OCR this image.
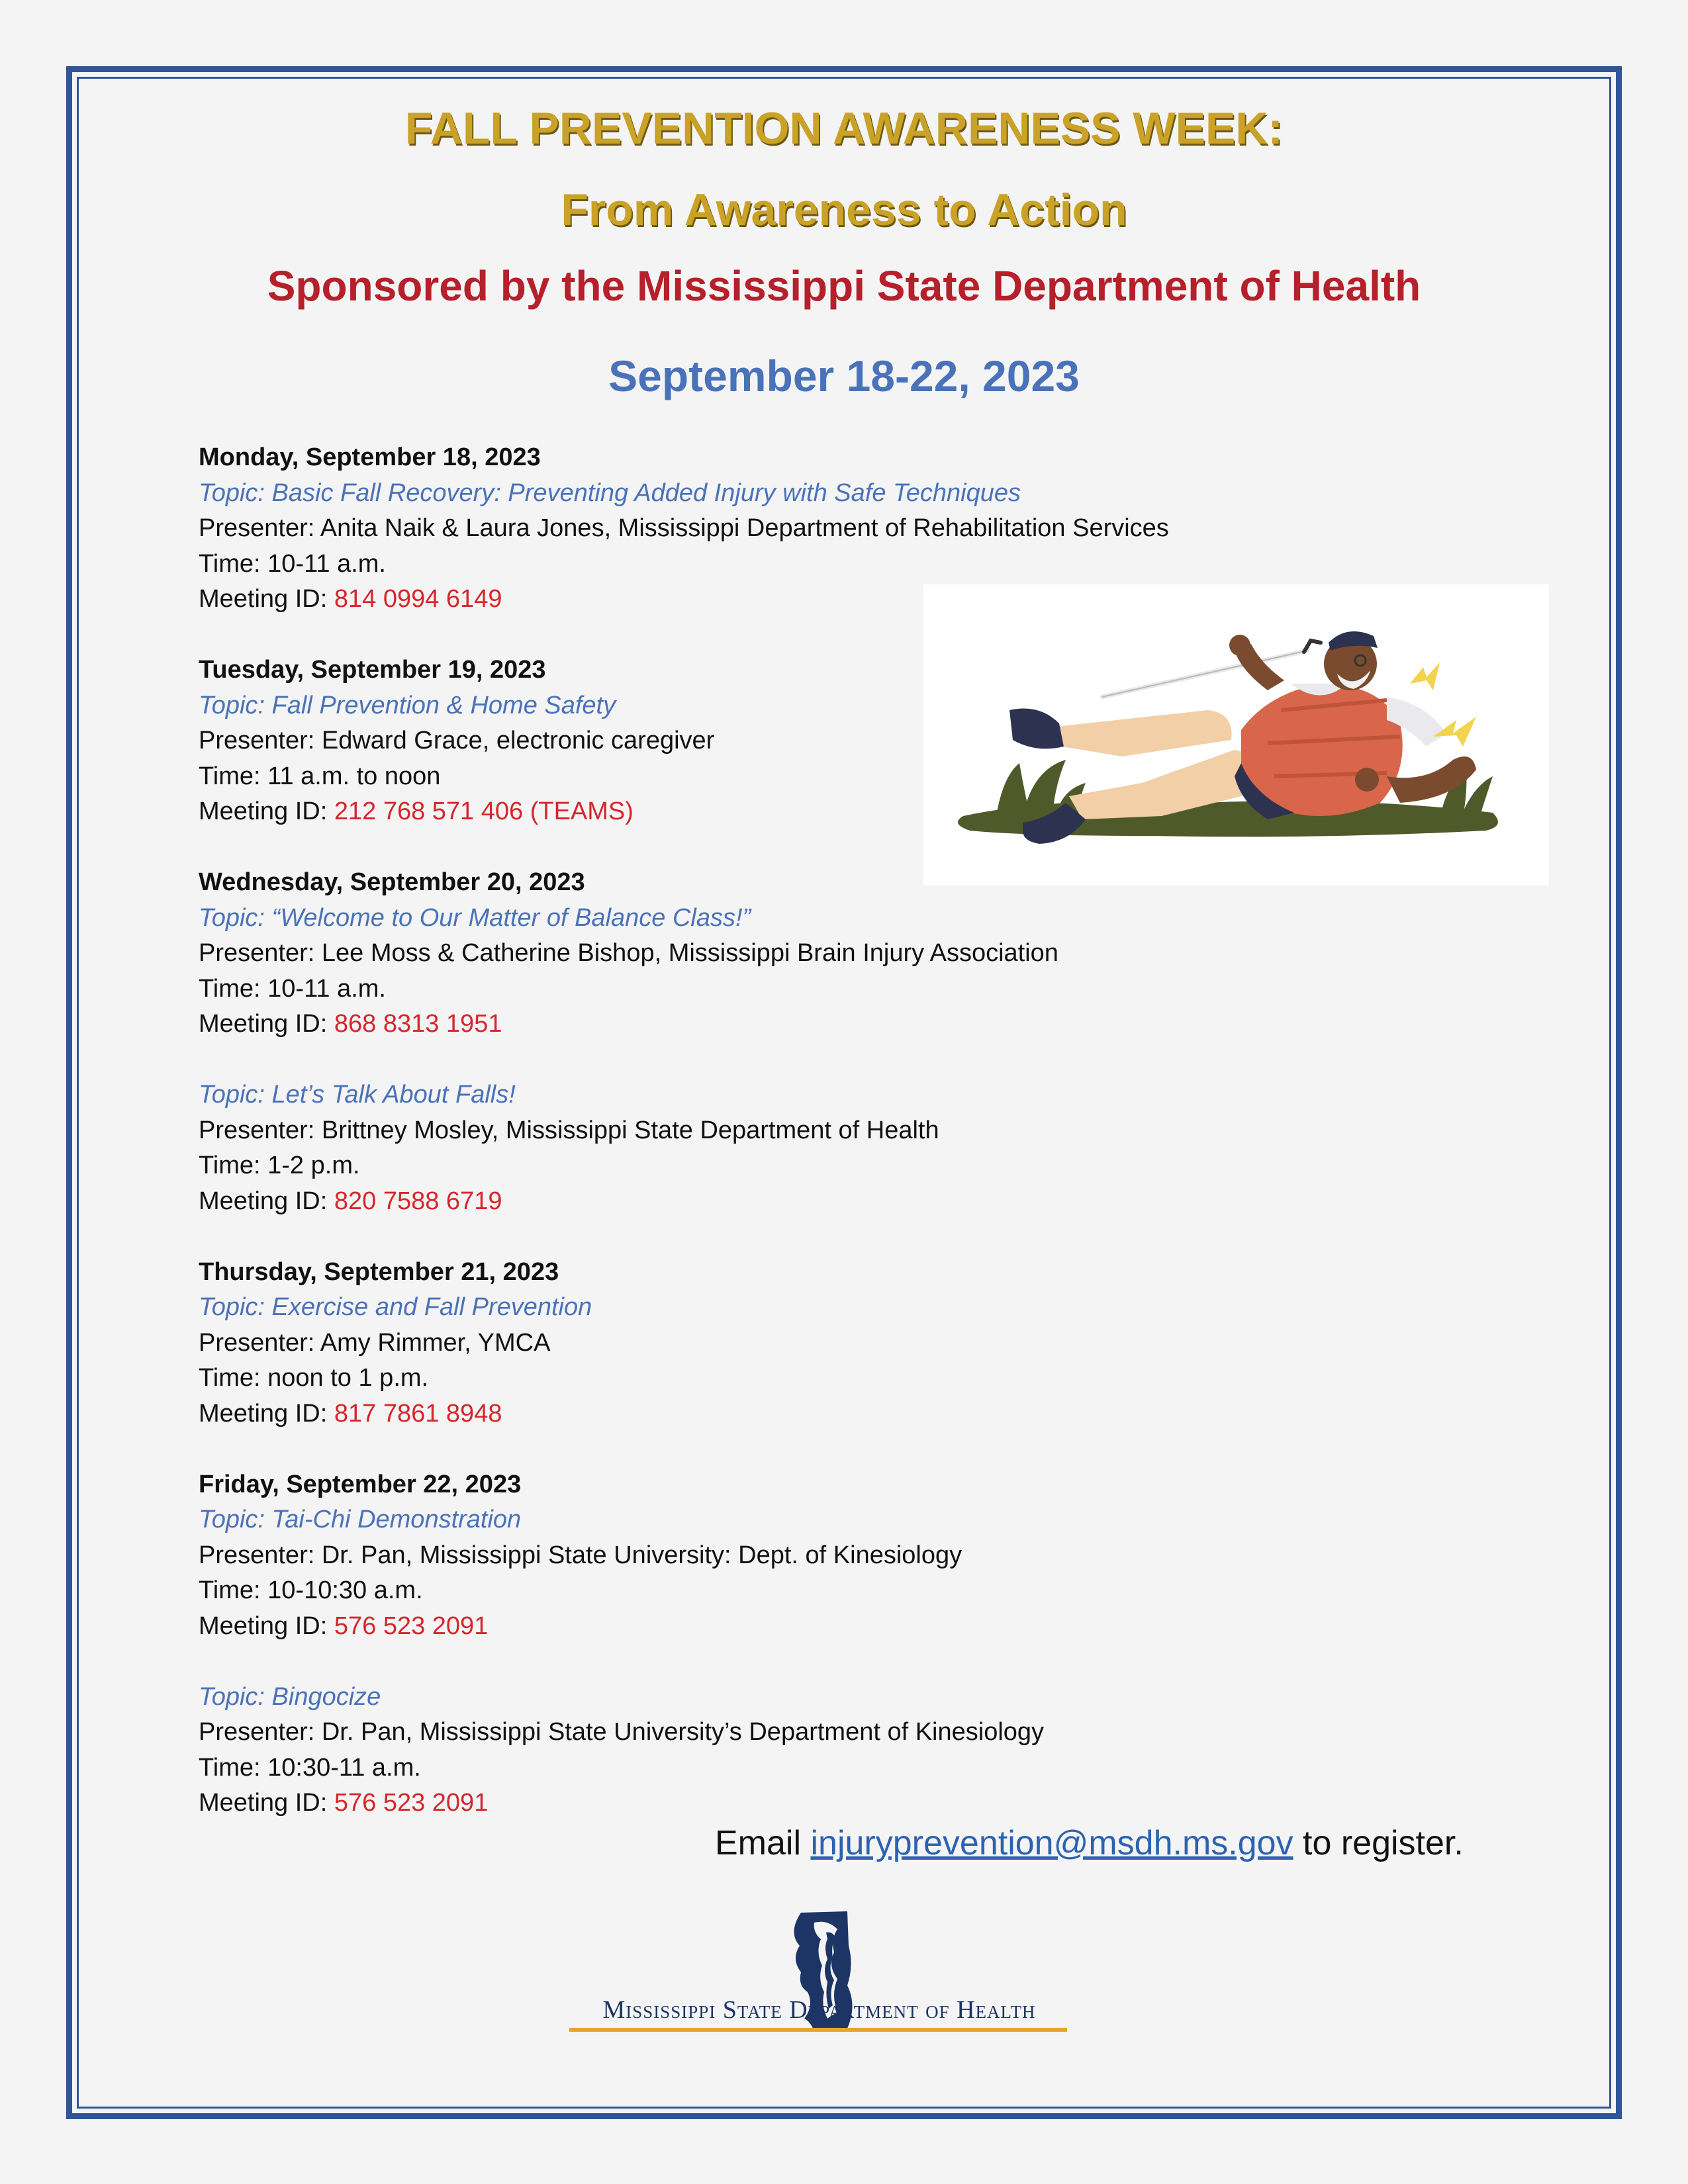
FALL PREVENTION AWARENESS WEEK:
From Awareness to Action
Sponsored by the Mississippi State Department of Health
September 18-22, 2023
Monday, September 18, 2023
Topic: Basic Fall Recovery: Preventing Added Injury with Safe Techniques
Presenter: Anita Naik & Laura Jones, Mississippi Department of Rehabilitation Services
Time: 10-11 a.m.
Meeting ID: 814 0994 6149
Tuesday, September 19, 2023
Topic: Fall Prevention & Home Safety
Presenter: Edward Grace, electronic caregiver
Time: 11 a.m. to noon
Meeting ID: 212 768 571 406 (TEAMS)
Wednesday, September 20, 2023
Topic: “Welcome to Our Matter of Balance Class!”
Presenter: Lee Moss & Catherine Bishop, Mississippi Brain Injury Association
Time: 10-11 a.m.
Meeting ID: 868 8313 1951
Topic: Let’s Talk About Falls!
Presenter: Brittney Mosley, Mississippi State Department of Health
Time: 1-2 p.m.
Meeting ID: 820 7588 6719
Thursday, September 21, 2023
Topic: Exercise and Fall Prevention
Presenter: Amy Rimmer, YMCA
Time: noon to 1 p.m.
Meeting ID: 817 7861 8948
Friday, September 22, 2023
Topic: Tai-Chi Demonstration
Presenter: Dr. Pan, Mississippi State University: Dept. of Kinesiology
Time: 10-10:30 a.m.
Meeting ID: 576 523 2091
Topic: Bingocize
Presenter: Dr. Pan, Mississippi State University’s Department of Kinesiology
Time: 10:30-11 a.m.
Meeting ID: 576 523 2091
Email injuryprevention@msdh.ms.gov to register.
Mississippi State Department of Health
